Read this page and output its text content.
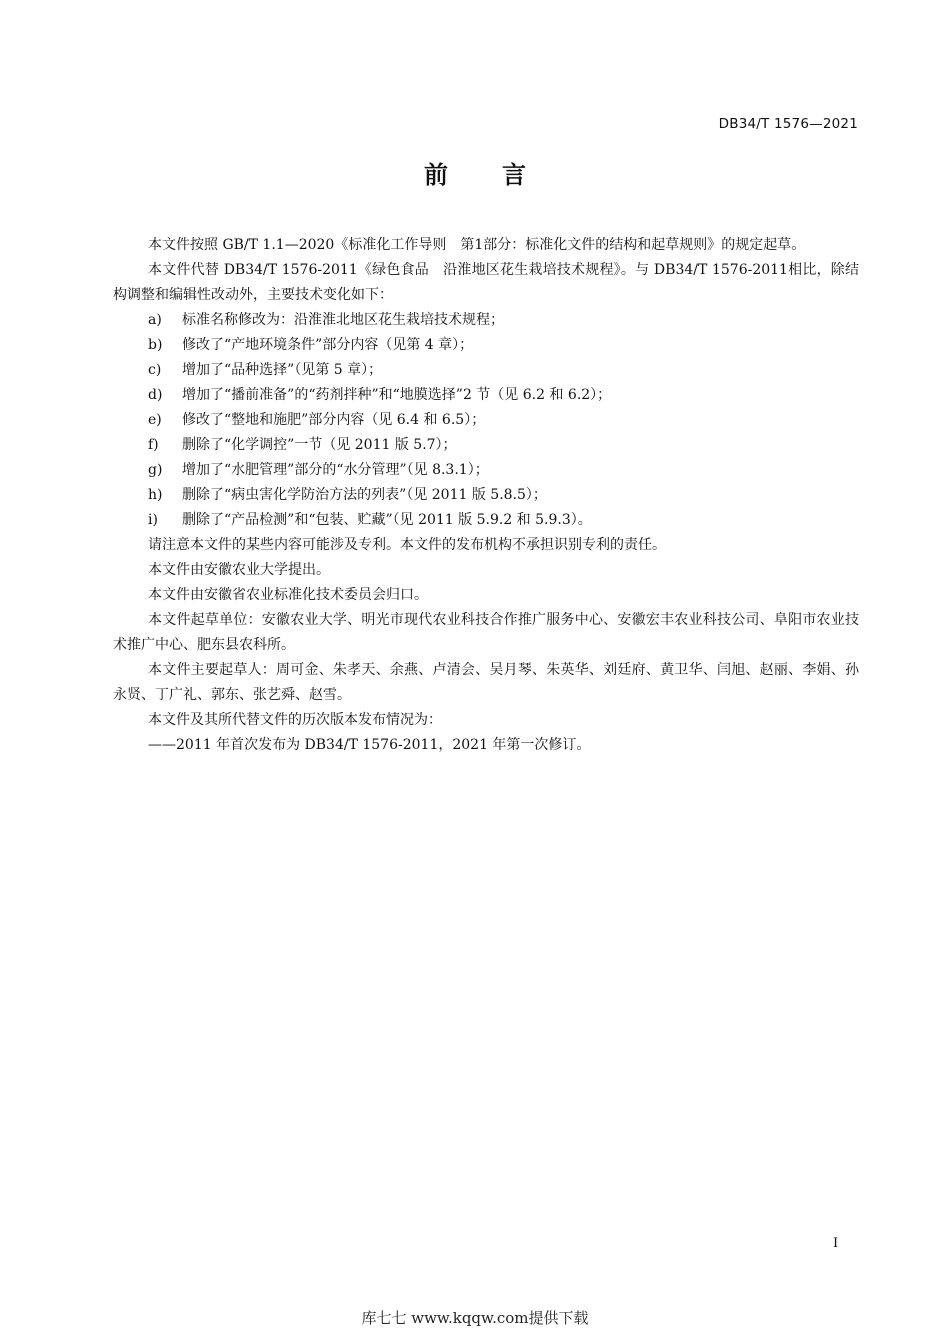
DB34/T 1576—2021
前 言

本文件按照 GB/T 1.1—2020《标准化工作导则　第1部分：标准化文件的结构和起草规则》的规定起草。

本文件代替 DB34/T 1576-2011《绿色食品　沿淮地区花生栽培技术规程》。与 DB34/T 1576-2011相比，除结构调整和编辑性改动外，主要技术变化如下：

a)	标准名称修改为：沿淮淮北地区花生栽培技术规程；
b)	修改了“产地环境条件”部分内容（见第 4 章）；
c)	增加了“品种选择”（见第 5 章）；
d)	增加了“播前准备”的“药剂拌种”和“地膜选择”2 节（见 6.2 和 6.2）；
e)	修改了“整地和施肥”部分内容（见 6.4 和 6.5）；
f)	删除了“化学调控”一节（见 2011 版 5.7）；
g)	增加了“水肥管理”部分的“水分管理”（见 8.3.1）；
h)	删除了“病虫害化学防治方法的列表”（见 2011 版 5.8.5）；
i)	删除了“产品检测”和“包装、贮藏”（见 2011 版 5.9.2 和 5.9.3）。

请注意本文件的某些内容可能涉及专利。本文件的发布机构不承担识别专利的责任。

本文件由安徽农业大学提出。

本文件由安徽省农业标准化技术委员会归口。

本文件起草单位：安徽农业大学、明光市现代农业科技合作推广服务中心、安徽宏丰农业科技公司、阜阳市农业技术推广中心、肥东县农科所。

本文件主要起草人：周可金、朱孝天、余燕、卢清会、吴月琴、朱英华、刘廷府、黄卫华、闫旭、赵丽、李娟、孙永贤、丁广礼、郭东、张艺舜、赵雪。

本文件及其所代替文件的历次版本发布情况为：

——2011 年首次发布为 DB34/T 1576-2011，2021 年第一次修订。

I
库七七 www.kqqw.com提供下载
